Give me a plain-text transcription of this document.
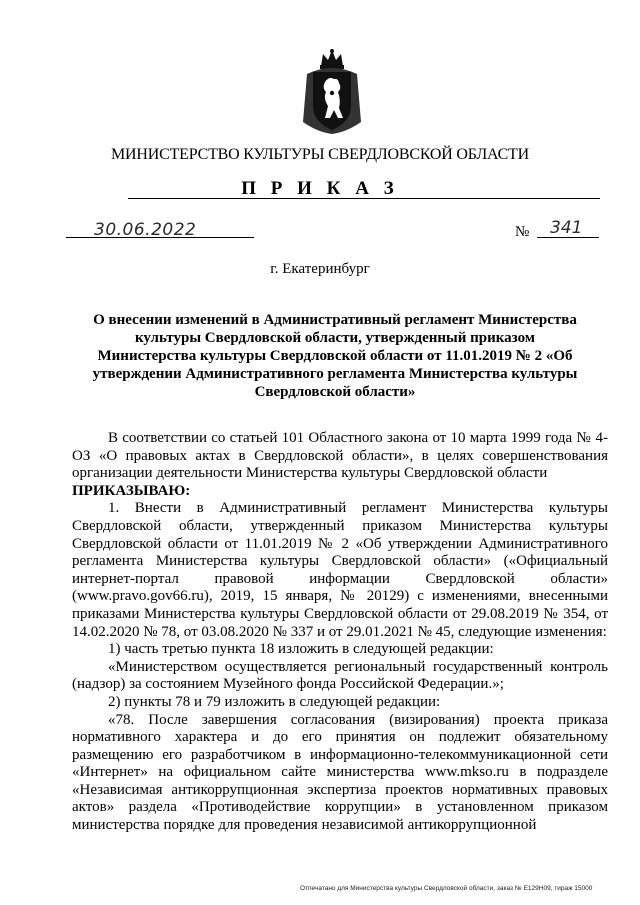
МИНИСТЕРСТВО КУЛЬТУРЫ СВЕРДЛОВСКОЙ ОБЛАСТИ
П Р И К А З
30.06.2022	№ 341
г. Екатеринбург
О внесении изменений в Административный регламент Министерства культуры Свердловской области, утвержденный приказом Министерства культуры Свердловской области от 11.01.2019 № 2 «Об утверждении Административного регламента Министерства культуры Свердловской области»

В соответствии со статьей 101 Областного закона от 10 марта 1999 года № 4-ОЗ «О правовых актах в Свердловской области», в целях совершенствования организации деятельности Министерства культуры Свердловской области

ПРИКАЗЫВАЮ:

1. Внести в Административный регламент Министерства культуры Свердловской области, утвержденный приказом Министерства культуры Свердловской области от 11.01.2019 № 2 «Об утверждении Административного регламента Министерства культуры Свердловской области» («Официальный интернет-портал правовой информации Свердловской области» (www.pravo.gov66.ru), 2019, 15 января, № 20129) с изменениями, внесенными приказами Министерства культуры Свердловской области от 29.08.2019 № 354, от 14.02.2020 № 78, от 03.08.2020 № 337 и от 29.01.2021 № 45, следующие изменения:

1) часть третью пункта 18 изложить в следующей редакции:

«Министерством осуществляется региональный государственный контроль (надзор) за состоянием Музейного фонда Российской Федерации.»;

2) пункты 78 и 79 изложить в следующей редакции:

«78. После завершения согласования (визирования) проекта приказа нормативного характера и до его принятия он подлежит обязательному размещению его разработчиком в информационно-телекоммуникационной сети «Интернет» на официальном сайте министерства www.mkso.ru в подразделе «Независимая антикоррупционная экспертиза проектов нормативных правовых актов» раздела «Противодействие коррупции» в установленном приказом министерства порядке для проведения независимой антикоррупционной

Отпечатано для Министерства культуры Свердловской области, заказ № Е129Н09, тираж 15000
